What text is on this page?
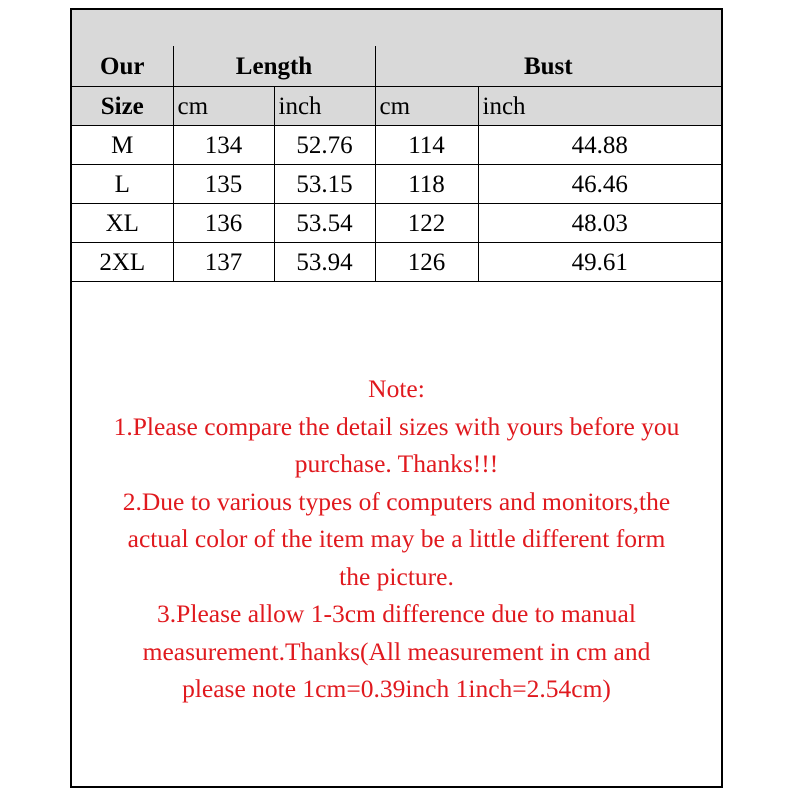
Our	Length		Bust	
Size	cm	inch	cm	inch
M	134	52.76	114	44.88
L	135	53.15	118	46.46
XL	136	53.54	122	48.03
2XL	137	53.94	126	49.61
Note:
1.Please compare the detail sizes with yours before you
purchase. Thanks!!!
2.Due to various types of computers and monitors,the
actual color of the item may be a little different form
the picture.
3.Please allow 1-3cm difference due to manual
measurement.Thanks(All measurement in cm and
please note 1cm=0.39inch 1inch=2.54cm)
